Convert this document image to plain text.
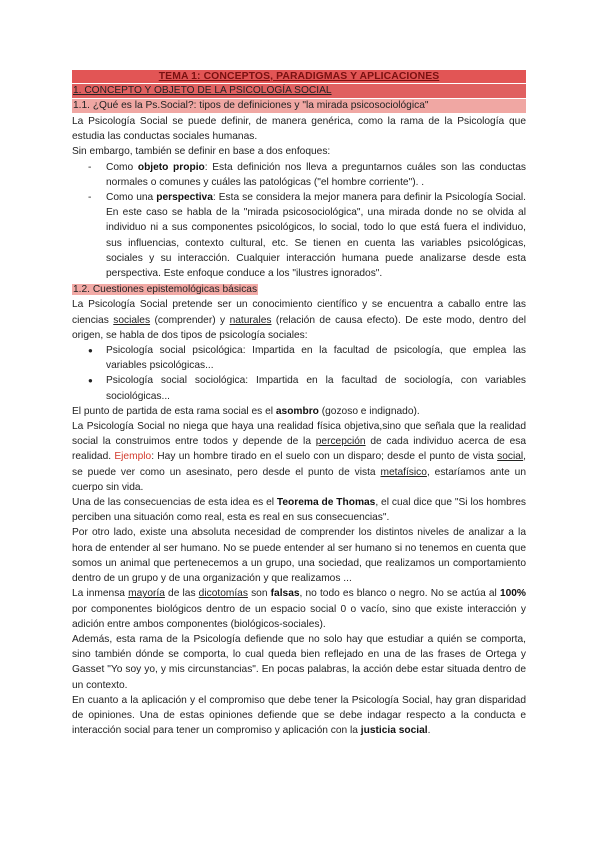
TEMA 1: CONCEPTOS, PARADIGMAS Y APLICACIONES
1. CONCEPTO Y OBJETO DE LA PSICOLOGÍA SOCIAL
1.1. ¿Qué es la Ps.Social?: tipos de definiciones y "la mirada psicosociológica"

La Psicología Social se puede definir, de manera genérica, como la rama de la Psicología que estudia las conductas sociales humanas.

Sin embargo, también se definir en base a dos enfoques:

- Como objeto propio: Esta definición nos lleva a preguntarnos cuáles son las conductas normales o comunes y cuáles las patológicas ("el hombre corriente"). .
- Como una perspectiva: Esta se considera la mejor manera para definir la Psicología Social. En este caso se habla de la "mirada psicosociológica", una mirada donde no se olvida al individuo ni a sus componentes psicológicos, lo social, todo lo que está fuera el individuo, sus influencias, contexto cultural, etc. Se tienen en cuenta las variables psicológicas, sociales y su interacción. Cualquier interacción humana puede analizarse desde esta perspectiva. Este enfoque conduce a los "ilustres ignorados".
1.2. Cuestiones epistemológicas básicas

La Psicología Social pretende ser un conocimiento científico y se encuentra a caballo entre las ciencias sociales (comprender) y naturales (relación de causa efecto). De este modo, dentro del origen, se habla de dos tipos de psicología sociales:

● Psicología social psicológica: Impartida en la facultad de psicología, que emplea las variables psicológicas...
● Psicología social sociológica: Impartida en la facultad de sociología, con variables sociológicas...

El punto de partida de esta rama social es el asombro (gozoso e indignado).

La Psicología Social no niega que haya una realidad física objetiva,sino que señala que la realidad social la construimos entre todos y depende de la percepción de cada individuo acerca de esa realidad. Ejemplo: Hay un hombre tirado en el suelo con un disparo; desde el punto de vista social, se puede ver como un asesinato, pero desde el punto de vista metafísico, estaríamos ante un cuerpo sin vida.

Una de las consecuencias de esta idea es el Teorema de Thomas, el cual dice que "Si los hombres perciben una situación como real, esta es real en sus consecuencias".

Por otro lado, existe una absoluta necesidad de comprender los distintos niveles de analizar a la hora de entender al ser humano. No se puede entender al ser humano si no tenemos en cuenta que somos un animal que pertenecemos a un grupo, una sociedad, que realizamos un comportamiento dentro de un grupo y de una organización y que realizamos ...

La inmensa mayoría de las dicotomías son falsas, no todo es blanco o negro. No se actúa al 100% por componentes biológicos dentro de un espacio social 0 o vacío, sino que existe interacción y adición entre ambos componentes (biológicos-sociales).

Además, esta rama de la Psicología defiende que no solo hay que estudiar a quién se comporta, sino también dónde se comporta, lo cual queda bien reflejado en una de las frases de Ortega y Gasset "Yo soy yo, y mis circunstancias". En pocas palabras, la acción debe estar situada dentro de un contexto.

En cuanto a la aplicación y el compromiso que debe tener la Psicología Social, hay gran disparidad de opiniones. Una de estas opiniones defiende que se debe indagar respecto a la conducta e interacción social para tener un compromiso y aplicación con la justicia social.
